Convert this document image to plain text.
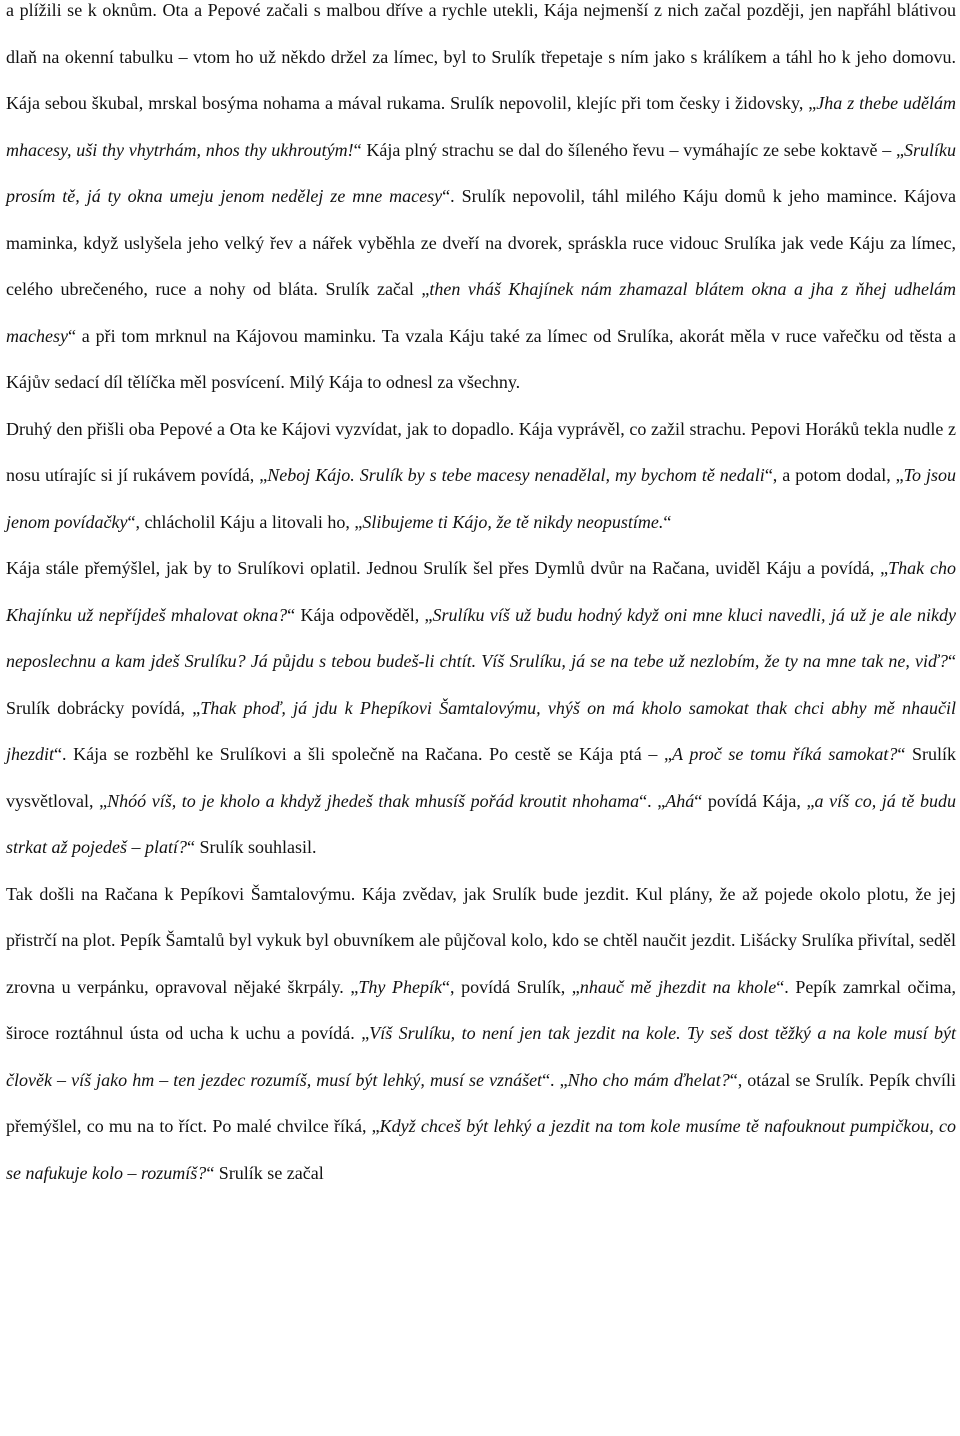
a plížili se k oknům. Ota a Pepové začali s malbou dříve a rychle utekli, Kája nejmenší z nich začal později, jen napřáhl blátivou dlaň na okenní tabulku – vtom ho už někdo držel za límec, byl to Srulík třepetaje s ním jako s králíkem a táhl ho k jeho domovu. Kája sebou škubal, mrskal bosýma nohama a mával rukama. Srulík nepovolil, klejíc při tom česky i židovsky, „Jha z thebe udělám mhacesy, uši thy vhytrhám, nhos thy ukhroutým!“ Kája plný strachu se dal do šíleného řevu – vymáhajíc ze sebe koktavě – „Srulíku prosím tě, já ty okna umeju jenom nedělej ze mne macesy“. Srulík nepovolil, táhl milého Káju domů k jeho mamince. Kájova maminka, když uslyšela jeho velký řev a nářek vyběhla ze dveří na dvorek, spráskla ruce vidouc Srulíka jak vede Káju za límec, celého ubrečeného, ruce a nohy od bláta. Srulík začal „then vháš Khajínek nám zhamazal blátem okna a jha z ňhej udhelám machesy“ a při tom mrknul na Kájovou maminku. Ta vzala Káju také za límec od Srulíka, akorát měla v ruce vařečku od těsta a Kájův sedací díl tělíčka měl posvícení. Milý Kája to odnesl za všechny.

Druhý den přišli oba Pepové a Ota ke Kájovi vyzvídat, jak to dopadlo. Kája vyprávěl, co zažil strachu. Pepovi Horáků tekla nudle z nosu utírajíc si jí rukávem povídá, „Neboj Kájo. Srulík by s tebe macesy nenadělal, my bychom tě nedali“, a potom dodal, „To jsou jenom povídačky“, chlácholil Káju a litovali ho, „Slibujeme ti Kájo, že tě nikdy neopustíme.“

Kája stále přemýšlel, jak by to Srulíkovi oplatil. Jednou Srulík šel přes Dymlů dvůr na Račana, uviděl Káju a povídá, „Thak cho Khajínku už nepříjdeš mhalovat okna?“ Kája odpověděl, „Srulíku víš už budu hodný když oni mne kluci navedli, já už je ale nikdy neposlechnu a kam jdeš Srulíku? Já půjdu s tebou budeš-li chtít. Víš Srulíku, já se na tebe už nezlobím, že ty na mne tak ne, viď?“ Srulík dobrácky povídá, „Thak phoď, já jdu k Phepíkovi Šamtalovýmu, vhýš on má kholo samokat thak chci abhy mě nhaučil jhezdit“. Kája se rozběhl ke Srulíkovi a šli společně na Račana. Po cestě se Kája ptá – „A proč se tomu říká samokat?“ Srulík vysvětloval, „Nhóó víš, to je kholo a khdyž jhedeš thak mhusíš pořád kroutit nhohama“. „Ahá“ povídá Kája, „a víš co, já tě budu strkat až pojedeš – platí?“ Srulík souhlasil.

Tak došli na Račana k Pepíkovi Šamtalovýmu. Kája zvědav, jak Srulík bude jezdit. Kul plány, že až pojede okolo plotu, že jej přistrčí na plot. Pepík Šamtalů byl vykuk byl obuvníkem ale půjčoval kolo, kdo se chtěl naučit jezdit. Lišácky Srulíka přivítal, seděl zrovna u verpánku, opravoval nějaké škrpály. „Thy Phepík“, povídá Srulík, „nhauč mě jhezdit na khole“. Pepík zamrkal očima, široce roztáhnul ústa od ucha k uchu a povídá. „Víš Srulíku, to není jen tak jezdit na kole. Ty seš dost těžký a na kole musí být člověk – víš jako hm – ten jezdec rozumíš, musí být lehký, musí se vznášet“. „Nho cho mám ďhelat?“, otázal se Srulík. Pepík chvíli přemýšlel, co mu na to říct. Po malé chvilce říká, „Když chceš být lehký a jezdit na tom kole musíme tě nafouknout pumpičkou, co se nafukuje kolo – rozumíš?“ Srulík se začal
